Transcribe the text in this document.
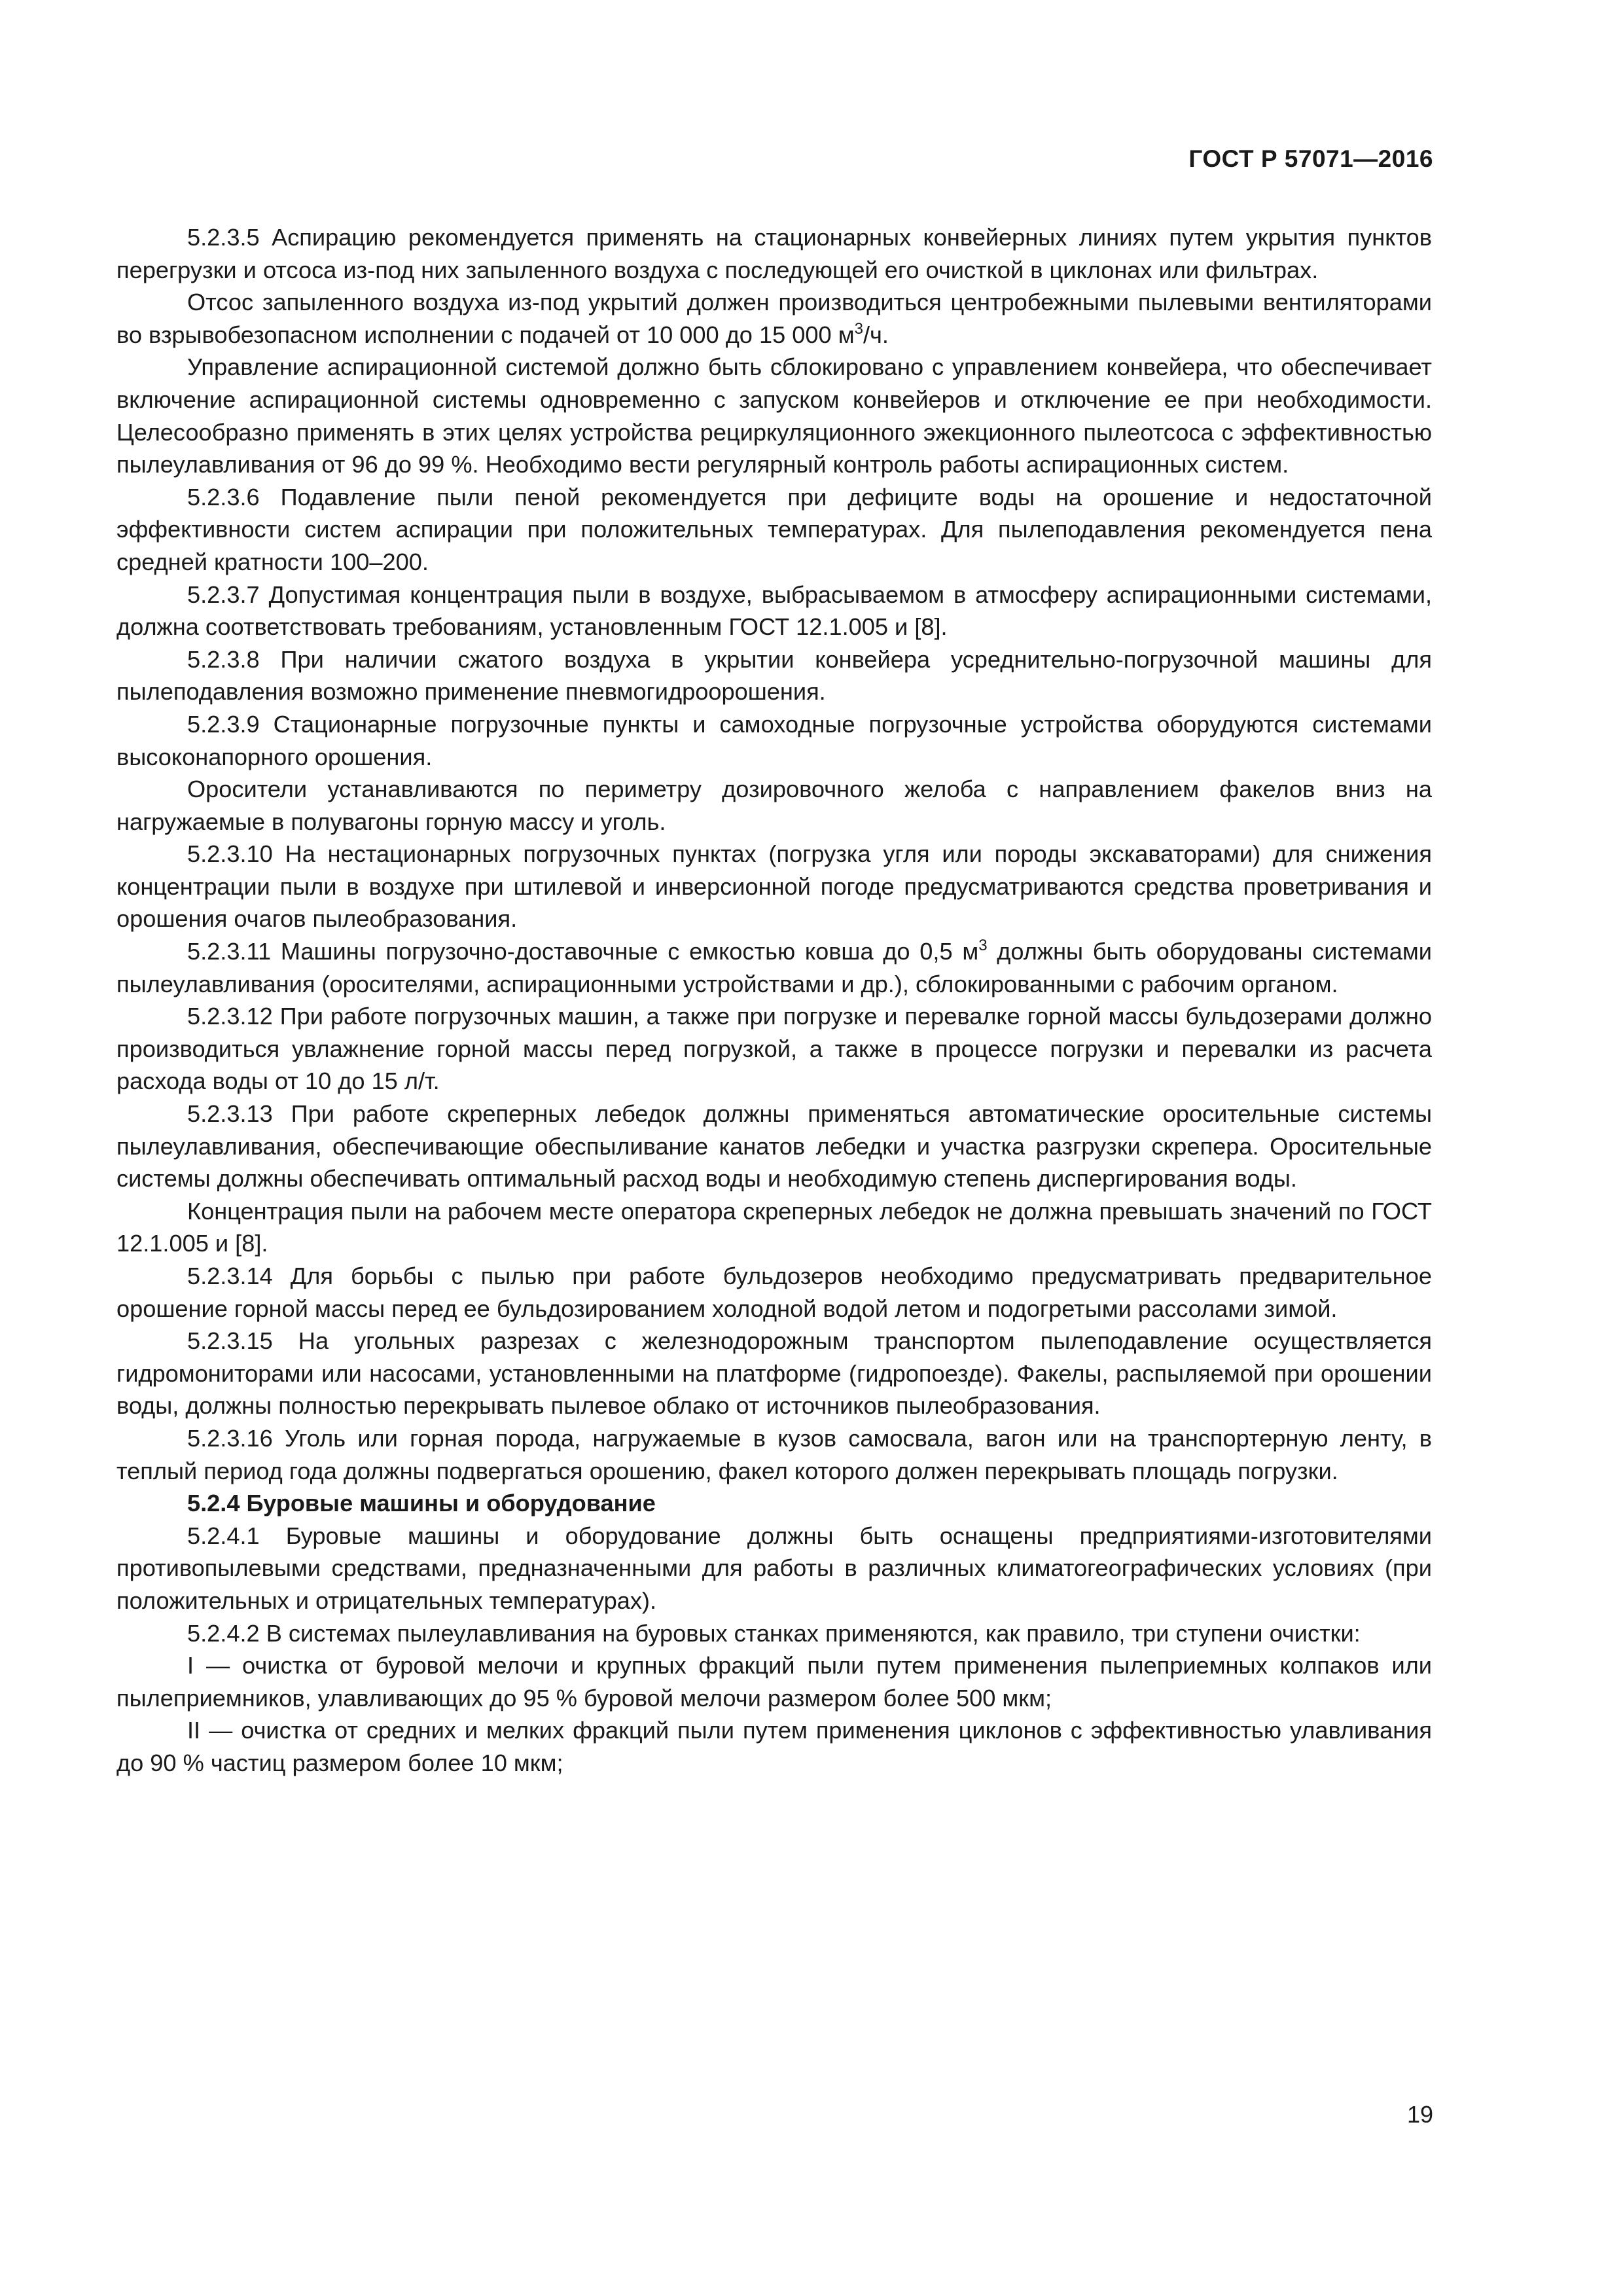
ГОСТ Р 57071—2016

5.2.3.5 Аспирацию рекомендуется применять на стационарных конвейерных линиях путем укрытия пунктов перегрузки и отсоса из-под них запыленного воздуха с последующей его очисткой в циклонах или фильтрах.

Отсос запыленного воздуха из-под укрытий должен производиться центробежными пылевыми вентиляторами во взрывобезопасном исполнении с подачей от 10 000 до 15 000 $м^3/ч$.

Управление аспирационной системой должно быть сблокировано с управлением конвейера, что обеспечивает включение аспирационной системы одновременно с запуском конвейеров и отключение ее при необходимости. Целесообразно применять в этих целях устройства рециркуляционного эжекционного пылеотсоса с эффективностью пылеулавливания от 96 до 99 %. Необходимо вести регулярный контроль работы аспирационных систем.

5.2.3.6 Подавление пыли пеной рекомендуется при дефиците воды на орошение и недостаточной эффективности систем аспирации при положительных температурах. Для пылеподавления рекомендуется пена средней кратности 100–200.

5.2.3.7 Допустимая концентрация пыли в воздухе, выбрасываемом в атмосферу аспирационными системами, должна соответствовать требованиям, установленным ГОСТ 12.1.005 и [8].

5.2.3.8 При наличии сжатого воздуха в укрытии конвейера усреднительно-погрузочной машины для пылеподавления возможно применение пневмогидроорошения.

5.2.3.9 Стационарные погрузочные пункты и самоходные погрузочные устройства оборудуются системами высоконапорного орошения.

Оросители устанавливаются по периметру дозировочного желоба с направлением факелов вниз на нагружаемые в полувагоны горную массу и уголь.

5.2.3.10 На нестационарных погрузочных пунктах (погрузка угля или породы экскаваторами) для снижения концентрации пыли в воздухе при штилевой и инверсионной погоде предусматриваются средства проветривания и орошения очагов пылеобразования.

5.2.3.11 Машины погрузочно-доставочные с емкостью ковша до 0,5 $м^3$ должны быть оборудованы системами пылеулавливания (оросителями, аспирационными устройствами и др.), сблокированными с рабочим органом.

5.2.3.12 При работе погрузочных машин, а также при погрузке и перевалке горной массы бульдозерами должно производиться увлажнение горной массы перед погрузкой, а также в процессе погрузки и перевалки из расчета расхода воды от 10 до 15 л/т.

5.2.3.13 При работе скреперных лебедок должны применяться автоматические оросительные системы пылеулавливания, обеспечивающие обеспыливание канатов лебедки и участка разгрузки скрепера. Оросительные системы должны обеспечивать оптимальный расход воды и необходимую степень диспергирования воды.

Концентрация пыли на рабочем месте оператора скреперных лебедок не должна превышать значений по ГОСТ 12.1.005 и [8].

5.2.3.14 Для борьбы с пылью при работе бульдозеров необходимо предусматривать предварительное орошение горной массы перед ее бульдозированием холодной водой летом и подогретыми рассолами зимой.

5.2.3.15 На угольных разрезах с железнодорожным транспортом пылеподавление осуществляется гидромониторами или насосами, установленными на платформе (гидропоезде). Факелы, распыляемой при орошении воды, должны полностью перекрывать пылевое облако от источников пылеобразования.

5.2.3.16 Уголь или горная порода, нагружаемые в кузов самосвала, вагон или на транспортерную ленту, в теплый период года должны подвергаться орошению, факел которого должен перекрывать площадь погрузки.

5.2.4 Буровые машины и оборудование

5.2.4.1 Буровые машины и оборудование должны быть оснащены предприятиями-изготовителями противопылевыми средствами, предназначенными для работы в различных климатогеографических условиях (при положительных и отрицательных температурах).

5.2.4.2 В системах пылеулавливания на буровых станках применяются, как правило, три ступени очистки:

I — очистка от буровой мелочи и крупных фракций пыли путем применения пылеприемных колпаков или пылеприемников, улавливающих до 95 % буровой мелочи размером более 500 мкм;

II — очистка от средних и мелких фракций пыли путем применения циклонов с эффективностью улавливания до 90 % частиц размером более 10 мкм;

19
